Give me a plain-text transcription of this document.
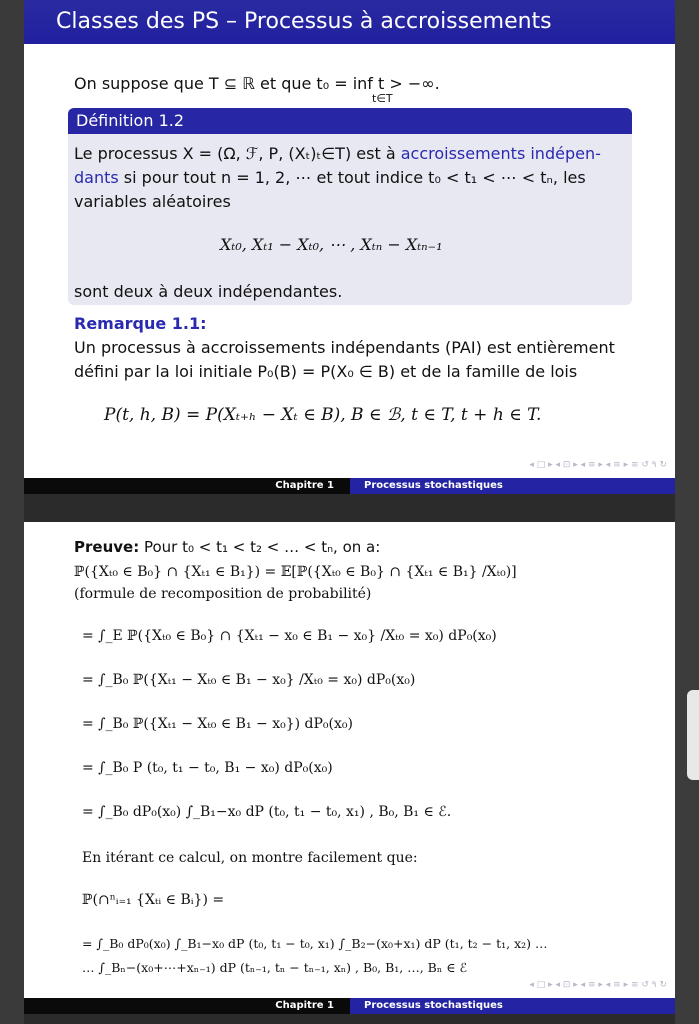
Classes des PS – Processus à accroissements indépendants
On suppose que T ⊆ ℝ et que t₀ = inf t > −∞.
t∈T
Définition 1.2
Le processus X = (Ω, ℱ, P, (Xₜ)ₜ∈T) est à accroissements indépen-
dants si pour tout n = 1, 2, ⋯ et tout indice t₀ < t₁ < ⋯ < tₙ, les
variables aléatoires
Xₜ₀, Xₜ₁ − Xₜ₀, ⋯ , Xₜₙ − Xₜₙ₋₁
sont deux à deux indépendantes.
Remarque 1.1:
Un processus à accroissements indépendants (PAI) est entièrement
défini par la loi initiale P₀(B) = P(X₀ ∈ B) et de la famille de lois
P(t, h, B) = P(Xₜ₊ₕ − Xₜ ∈ B), B ∈ ℬ, t ∈ T, t + h ∈ T.
◂ □ ▸ ◂ ⊡ ▸ ◂ ≡ ▸ ◂ ≡ ▸ ≡ ↺ ۹ ↻
Chapitre 1	Processus stochastiques
Preuve: Pour t₀ < t₁ < t₂ < … < tₙ, on a:
ℙ({Xₜ₀ ∈ B₀} ∩ {Xₜ₁ ∈ B₁}) = 𝔼[ℙ({Xₜ₀ ∈ B₀} ∩ {Xₜ₁ ∈ B₁} /Xₜ₀)]
(formule de recomposition de probabilité)
= ∫_E ℙ({Xₜ₀ ∈ B₀} ∩ {Xₜ₁ − x₀ ∈ B₁ − x₀} /Xₜ₀ = x₀) dP₀(x₀)
= ∫_B₀ ℙ({Xₜ₁ − Xₜ₀ ∈ B₁ − x₀} /Xₜ₀ = x₀) dP₀(x₀)
= ∫_B₀ ℙ({Xₜ₁ − Xₜ₀ ∈ B₁ − x₀}) dP₀(x₀)
= ∫_B₀ P (t₀, t₁ − t₀, B₁ − x₀) dP₀(x₀)
= ∫_B₀ dP₀(x₀) ∫_B₁−x₀ dP (t₀, t₁ − t₀, x₁) , B₀, B₁ ∈ ℰ.
En itérant ce calcul, on montre facilement que:
ℙ(∩ⁿᵢ₌₁ {Xₜᵢ ∈ Bᵢ}) =
= ∫_B₀ dP₀(x₀) ∫_B₁−x₀ dP (t₀, t₁ − t₀, x₁) ∫_B₂−(x₀+x₁) dP (t₁, t₂ − t₁, x₂) …
… ∫_Bₙ−(x₀+⋯+xₙ₋₁) dP (tₙ₋₁, tₙ − tₙ₋₁, xₙ) , B₀, B₁, …, Bₙ ∈ ℰ
◂ □ ▸ ◂ ⊡ ▸ ◂ ≡ ▸ ◂ ≡ ▸ ≡ ↺ ۹ ↻
Chapitre 1	Processus stochastiques
